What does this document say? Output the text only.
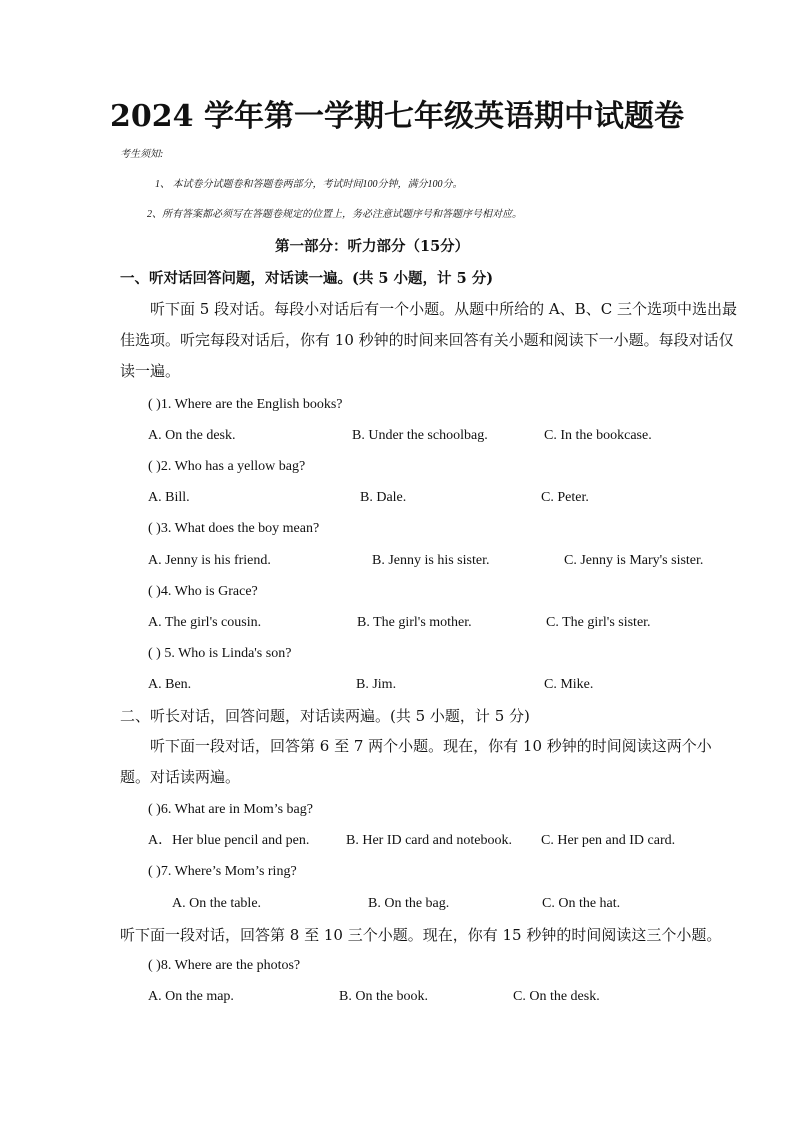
2024 学年第一学期七年级英语期中试题卷
考生须知:
1、 本试卷分试题卷和答题卷两部分，考试时间100分钟，满分100分。
2、所有答案都必须写在答题卷规定的位置上，务必注意试题序号和答题序号相对应。
第一部分：听力部分（15分）
一、听对话回答问题，对话读一遍。(共 5 小题，计 5 分)
听下面 5 段对话。每段小对话后有一个小题。从题中所给的 A、B、C 三个选项中选出最佳选项。听完每段对话后，你有 10 秒钟的时间来回答有关小题和阅读下一小题。每段对话仅读一遍。
( )1. Where are the English books?
A. On the desk.	B. Under the schoolbag.	C. In the bookcase.
( )2. Who has a yellow bag?
A. Bill.	B. Dale.	C. Peter.
( )3. What does the boy mean?
A. Jenny is his friend.	B. Jenny is his sister.	C. Jenny is Mary's sister.
( )4. Who is Grace?
A. The girl's cousin.	B. The girl's mother.	C. The girl's sister.
( ) 5. Who is Linda's son?
A. Ben.	B. Jim.	C. Mike.
二、听长对话，回答问题，对话读两遍。(共 5 小题，计 5 分)
听下面一段对话，回答第 6 至 7 两个小题。现在，你有 10 秒钟的时间阅读这两个小题。对话读两遍。
( )6. What are in Mom’s bag?
A．Her blue pencil and pen.	B. Her ID card and notebook. C. Her pen and ID card.
( )7. Where’s Mom’s ring?
A. On the table.	B. On the bag.	C. On the hat.
听下面一段对话，回答第 8 至 10 三个小题。现在，你有 15 秒钟的时间阅读这三个小题。
( )8. Where are the photos?
A. On the map.	B. On the book.	C. On the desk.
